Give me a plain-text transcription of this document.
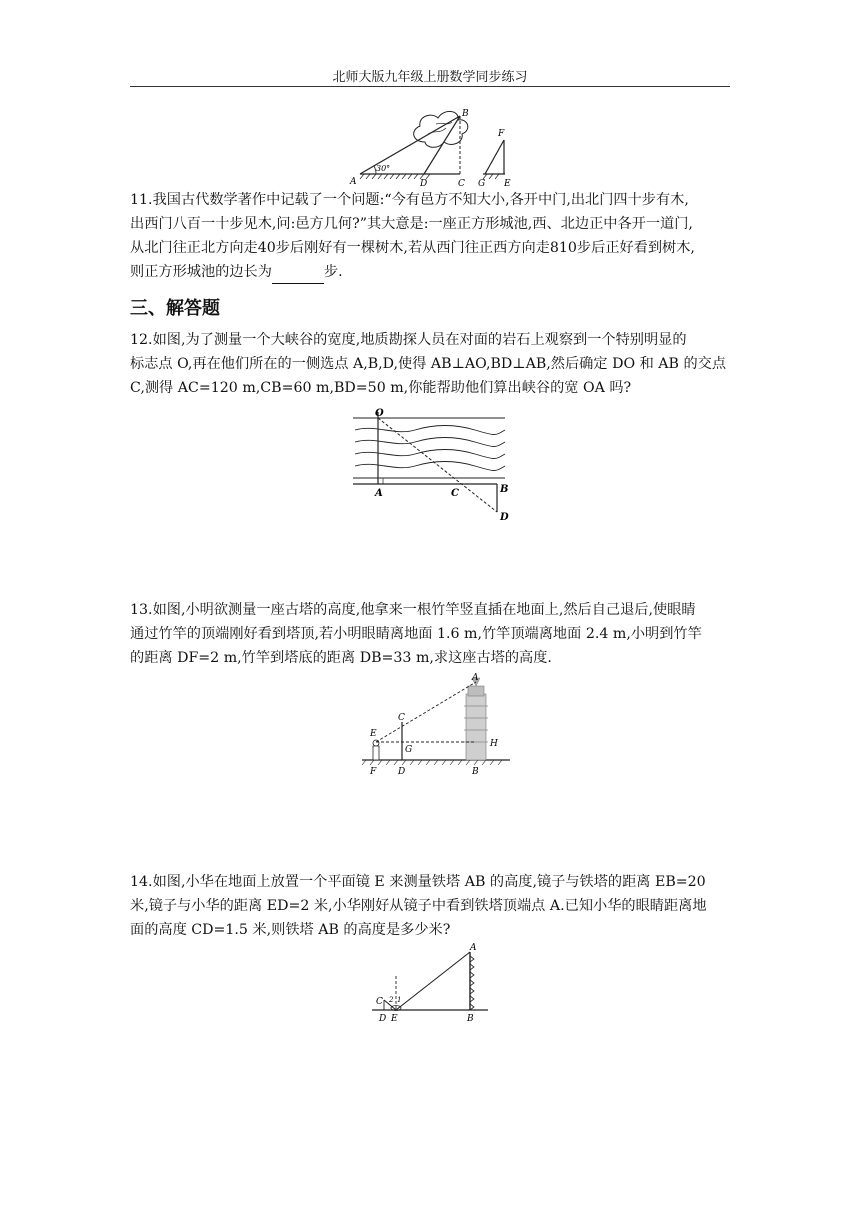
北师大版九年级上册数学同步练习
30°
A
B
C
D
F
G E

11.我国古代数学著作中记载了一个问题:“今有邑方不知大小,各开中门,出北门四十步有木,
出西门八百一十步见木,问:邑方几何?”其大意是:一座正方形城池,西、北边正中各开一道门,
从北门往正北方向走40步后刚好有一棵树木,若从西门往正西方向走810步后正好看到树木,
则正方形城池的边长为	步.

三、解答题

12.如图,为了测量一个大峡谷的宽度,地质勘探人员在对面的岩石上观察到一个特别明显的
标志点 O,再在他们所在的一侧选点 A,B,D,使得 AB⊥AO,BD⊥AB,然后确定 DO 和 AB 的交点
C,测得 AC=120 m,CB=60 m,BD=50 m,你能帮助他们算出峡谷的宽 OA 吗?

O
A	C	B
D

13.如图,小明欲测量一座古塔的高度,他拿来一根竹竿竖直插在地面上,然后自己退后,使眼睛
通过竹竿的顶端刚好看到塔顶,若小明眼睛离地面 1.6 m,竹竿顶端离地面 2.4 m,小明到竹竿
的距离 DF=2 m,竹竿到塔底的距离 DB=33 m,求这座古塔的高度.

A
C
E
G
H
F D	B

14.如图,小华在地面上放置一个平面镜 E 来测量铁塔 AB 的高度,镜子与铁塔的距离 EB=20
米,镜子与小华的距离 ED=2 米,小华刚好从镜子中看到铁塔顶端点 A.已知小华的眼睛距离地
面的高度 CD=1.5 米,则铁塔 AB 的高度是多少米?

A
C 2 1
D E	B
